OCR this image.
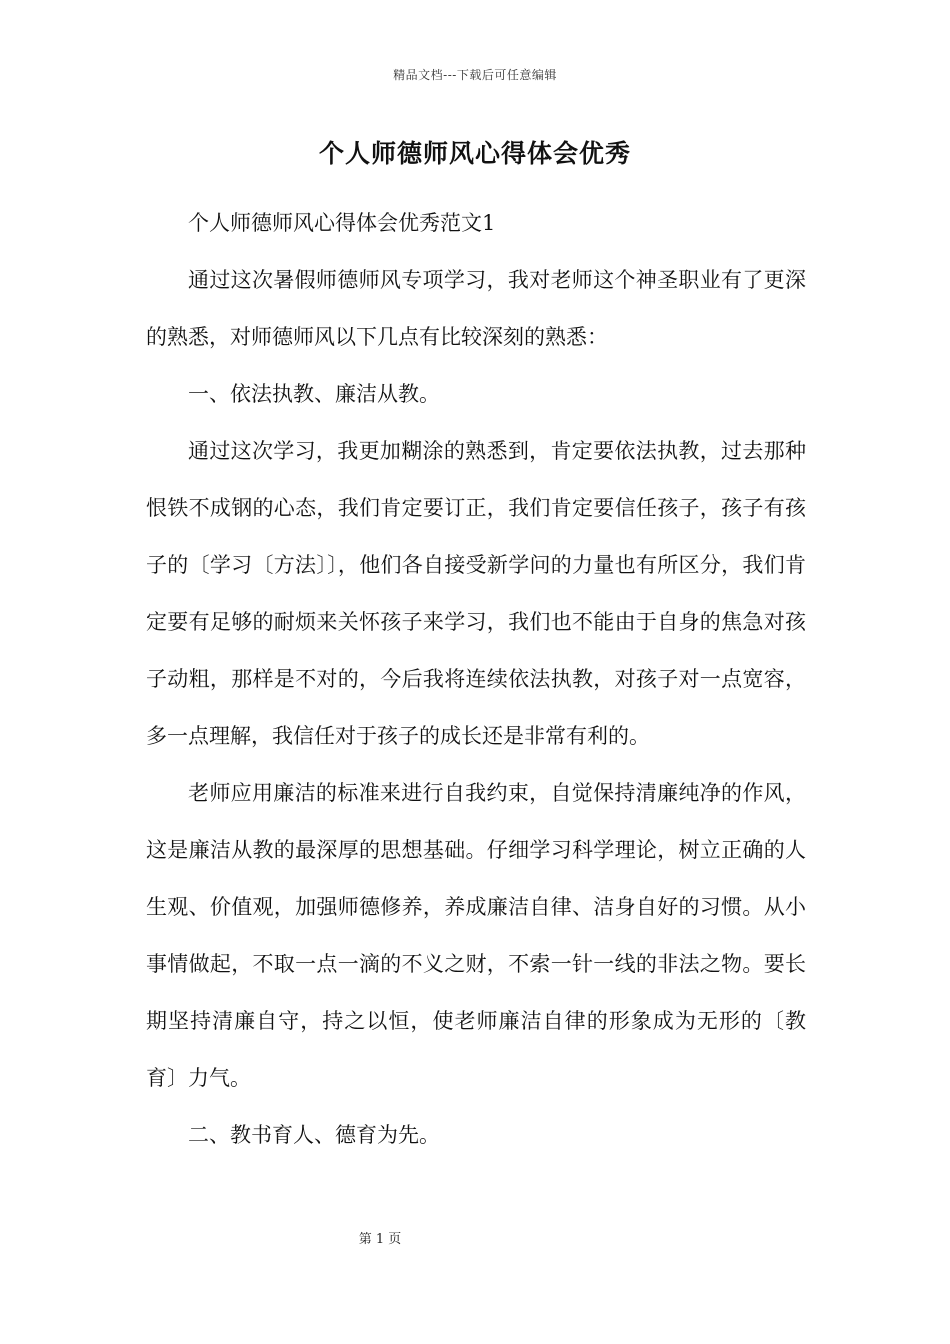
精品文档---下载后可任意编辑
个人师德师风心得体会优秀

个人师德师风心得体会优秀范文1

通过这次暑假师德师风专项学习，我对老师这个神圣职业有了更深的熟悉，对师德师风以下几点有比较深刻的熟悉：

一、依法执教、廉洁从教。

通过这次学习，我更加糊涂的熟悉到，肯定要依法执教，过去那种恨铁不成钢的心态，我们肯定要订正，我们肯定要信任孩子，孩子有孩子的〔学习〔方法〕〕，他们各自接受新学问的力量也有所区分，我们肯定要有足够的耐烦来关怀孩子来学习，我们也不能由于自身的焦急对孩子动粗，那样是不对的，今后我将连续依法执教，对孩子对一点宽容，多一点理解，我信任对于孩子的成长还是非常有利的。

老师应用廉洁的标准来进行自我约束，自觉保持清廉纯净的作风，这是廉洁从教的最深厚的思想基础。仔细学习科学理论，树立正确的人生观、价值观，加强师德修养，养成廉洁自律、洁身自好的习惯。从小事情做起，不取一点一滴的不义之财，不索一针一线的非法之物。要长期坚持清廉自守，持之以恒，使老师廉洁自律的形象成为无形的〔教育〕力气。

二、教书育人、德育为先。

第 1 页
